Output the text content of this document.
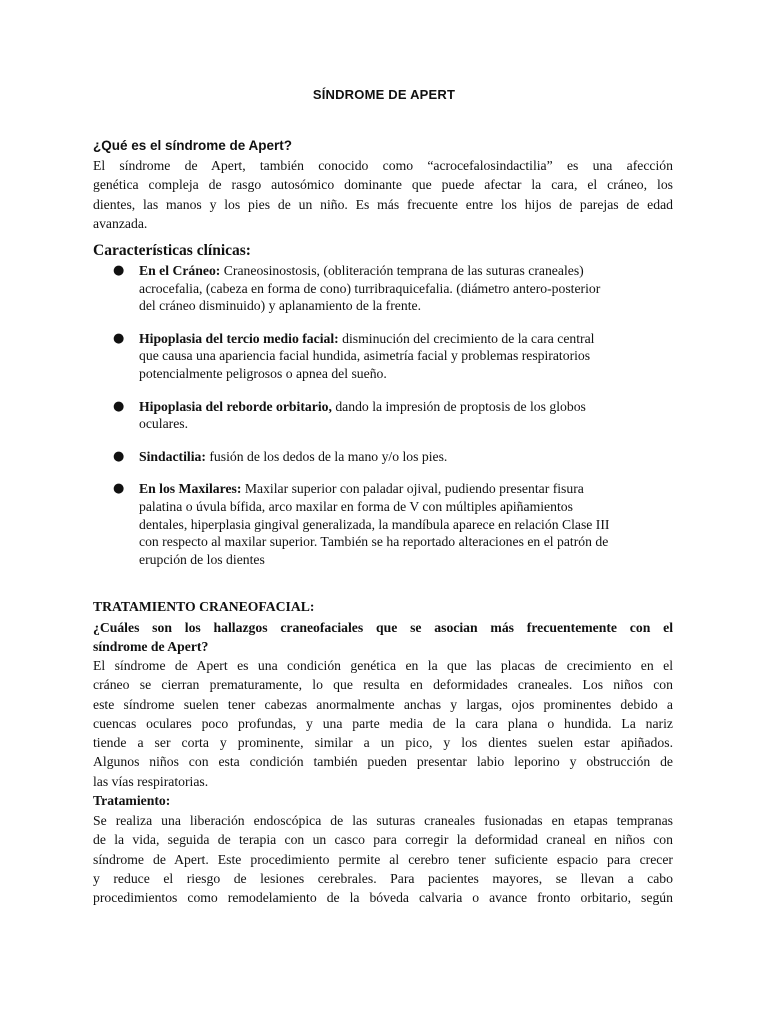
SÍNDROME DE APERT
¿Qué es el síndrome de Apert?

El síndrome de Apert, también conocido como “acrocefalosindactilia” es una afección
genética compleja de rasgo autosómico dominante que puede afectar la cara, el cráneo, los
dientes, las manos y los pies de un niño. Es más frecuente entre los hijos de parejas de edad
avanzada.

Características clínicas:
● En el Cráneo: Craneosinostosis, (obliteración temprana de las suturas craneales)
acrocefalia, (cabeza en forma de cono) turribraquicefalia. (diámetro antero-posterior
del cráneo disminuido) y aplanamiento de la frente.
● Hipoplasia del tercio medio facial: disminución del crecimiento de la cara central
que causa una apariencia facial hundida, asimetría facial y problemas respiratorios
potencialmente peligrosos o apnea del sueño.
● Hipoplasia del reborde orbitario, dando la impresión de proptosis de los globos
oculares.
● Sindactilia: fusión de los dedos de la mano y/o los pies.
● En los Maxilares: Maxilar superior con paladar ojival, pudiendo presentar fisura
palatina o úvula bífida, arco maxilar en forma de V con múltiples apiñamientos
dentales, hiperplasia gingival generalizada, la mandíbula aparece en relación Clase III
con respecto al maxilar superior. También se ha reportado alteraciones en el patrón de
erupción de los dientes
TRATAMIENTO CRANEOFACIAL:

¿Cuáles son los hallazgos craneofaciales que se asocian más frecuentemente con el
síndrome de Apert?

El síndrome de Apert es una condición genética en la que las placas de crecimiento en el
cráneo se cierran prematuramente, lo que resulta en deformidades craneales. Los niños con
este síndrome suelen tener cabezas anormalmente anchas y largas, ojos prominentes debido a
cuencas oculares poco profundas, y una parte media de la cara plana o hundida. La nariz
tiende a ser corta y prominente, similar a un pico, y los dientes suelen estar apiñados.
Algunos niños con esta condición también pueden presentar labio leporino y obstrucción de
las vías respiratorias.

Tratamiento:

Se realiza una liberación endoscópica de las suturas craneales fusionadas en etapas tempranas
de la vida, seguida de terapia con un casco para corregir la deformidad craneal en niños con
síndrome de Apert. Este procedimiento permite al cerebro tener suficiente espacio para crecer
y reduce el riesgo de lesiones cerebrales. Para pacientes mayores, se llevan a cabo
procedimientos como remodelamiento de la bóveda calvaria o avance fronto orbitario, según
